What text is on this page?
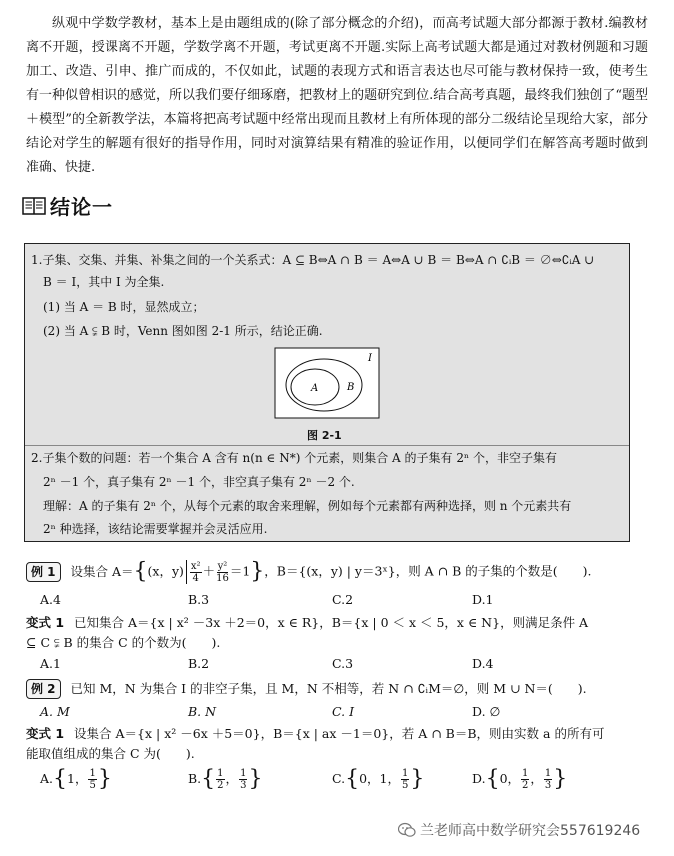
纵观中学数学教材，基本上是由题组成的(除了部分概念的介绍)，而高考试题大部分都源于教材.编教材离不开题，授课离不开题，学数学离不开题，考试更离不开题.实际上高考试题大都是通过对教材例题和习题加工、改造、引申、推广而成的，不仅如此，试题的表现方式和语言表达也尽可能与教材保持一致，使考生有一种似曾相识的感觉，所以我们要仔细琢磨，把教材上的题研究到位.结合高考真题，最终我们独创了“题型＋模型”的全新教学法，本篇将把高考试题中经常出现而且教材上有所体现的部分二级结论呈现给大家，部分结论对学生的解题有很好的指导作用，同时对演算结果有精准的验证作用，以便同学们在解答高考题时做到准确、快捷.

结论一
1.子集、交集、并集、补集之间的一个关系式：A ⊆ B⇔A ∩ B ＝ A⇔A ∪ B ＝ B⇔A ∩ ∁ᵢB ＝ ∅⇔∁ᵢA ∪
B ＝ I，其中 I 为全集.
(1) 当 A ＝ B 时，显然成立；
(2) 当 A ⫋ B 时，Venn 图如图 2-1 所示，结论正确.
I
A	B
图 2-1
2.子集个数的问题：若一个集合 A 含有 n(n ∈ N*) 个元素，则集合 A 的子集有 2ⁿ 个，非空子集有
2ⁿ －1 个，真子集有 2ⁿ －1 个，非空真子集有 2ⁿ －2 个.
理解：A 的子集有 2ⁿ 个，从每个元素的取舍来理解，例如每个元素都有两种选择，则 n 个元素共有
2ⁿ 种选择，该结论需要掌握并会灵活应用.
例 1 设集合 A＝{(x，$y) \frac{\text{x²}}{4} + \frac{\text{y²}}{16} =1$}，B＝{(x，y) | y＝3ˣ}，则 A ∩ B 的子集的个数是(　　).
A.4	B.3	C.2	D.1
变式 1 已知集合 A＝{x | x² －3x ＋2＝0，x ∈ R}，B＝{x | 0 ＜ x ＜ 5，x ∈ N}，则满足条件 A
⊆ C ⫋ B 的集合 C 的个数为(　　).
A.1	B.2	C.3	D.4
例 2 已知 M，N 为集合 I 的非空子集，且 M，N 不相等，若 N ∩ ∁ᵢM＝∅，则 M ∪ N＝(　　).
A. M	B. N	C. I	D. ∅
变式 1 设集合 A＝{x | x² －6x ＋5＝0}，B＝{x | ax －1＝0}，若 A ∩ B＝B，则由实数 a 的所有可
能取值组成的集合 C 为(　　).
A.{1， $\frac{1}{5}$ }	$B.\{ \frac{1}{2}$ ， $\frac{1}{3}$ }	C.{0，1， $\frac{1}{5}$ }	D.{0， $\frac{1}{2}$ ， $\frac{1}{3}$ }
兰老师高中数学研究会557619246
